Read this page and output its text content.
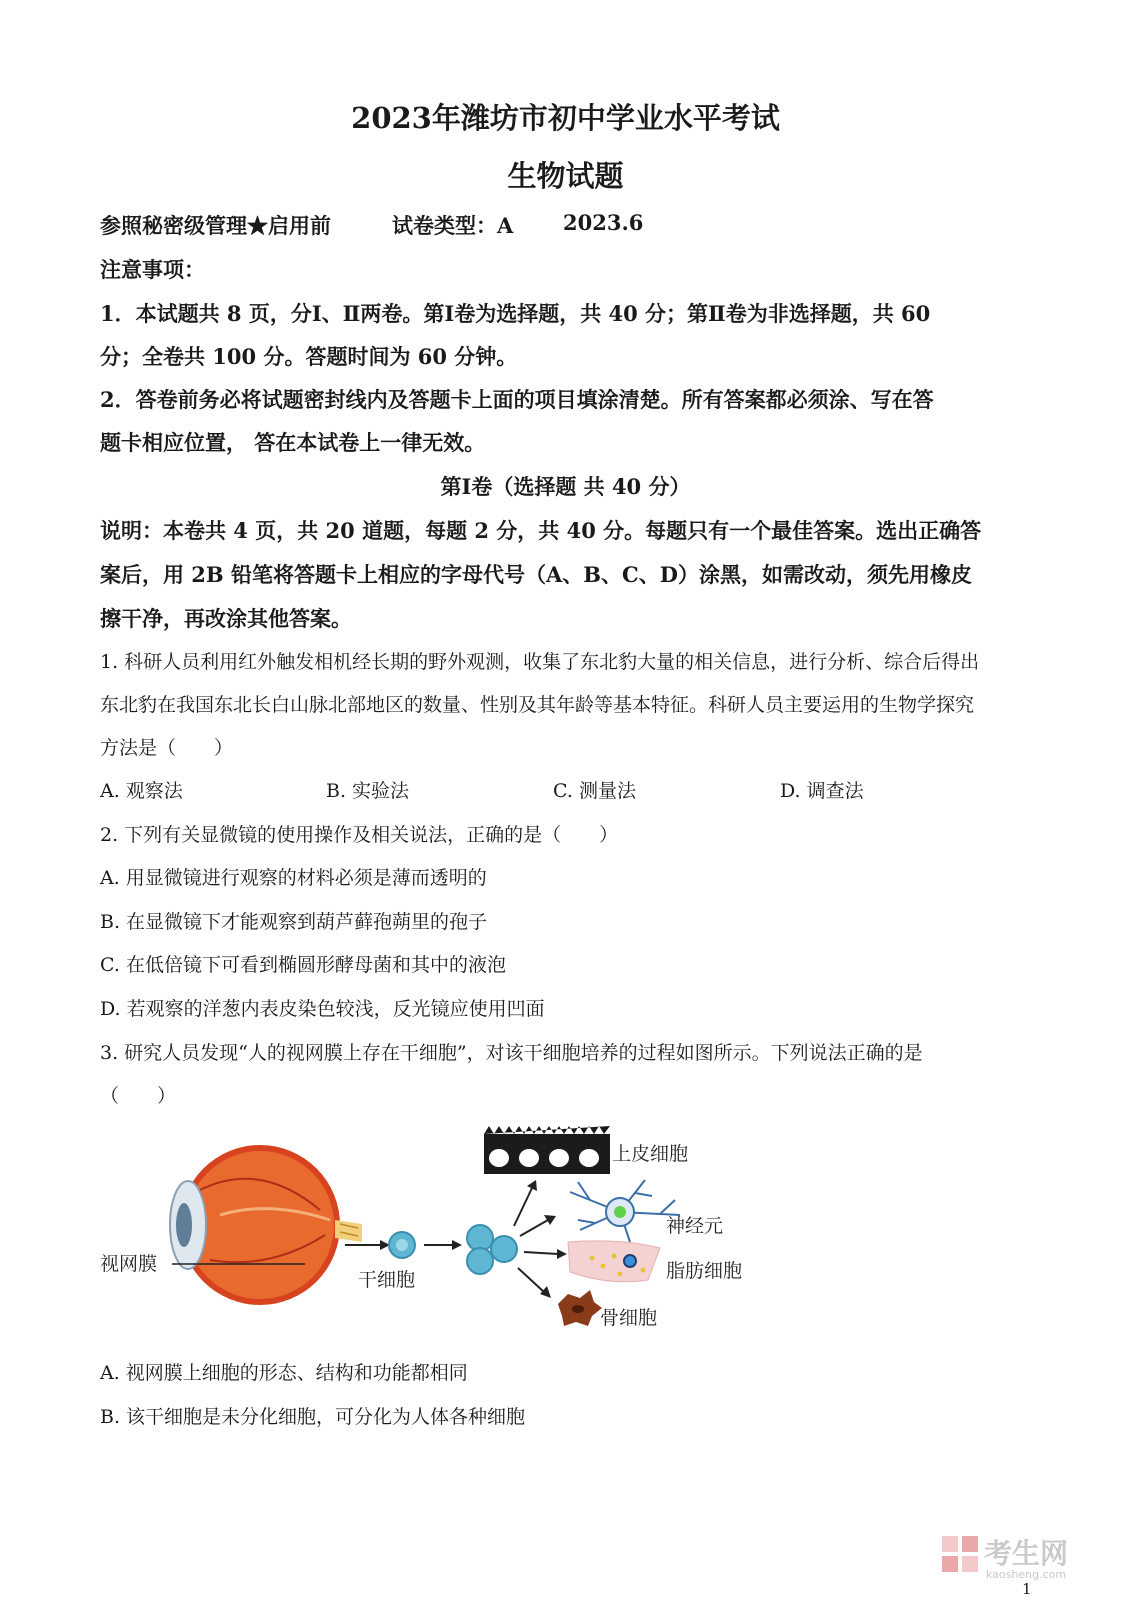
2023年潍坊市初中学业水平考试
生物试题
参照秘密级管理★启用前	试卷类型：A 2023.6
注意事项：
1．本试题共 8 页，分Ⅰ、Ⅱ两卷。第Ⅰ卷为选择题，共 40 分；第Ⅱ卷为非选择题，共 60
分；全卷共 100 分。答题时间为 60 分钟。
2．答卷前务必将试题密封线内及答题卡上面的项目填涂清楚。所有答案都必须涂、写在答
题卡相应位置， 答在本试卷上一律无效。
第Ⅰ卷（选择题 共 40 分）
说明：本卷共 4 页，共 20 道题，每题 2 分，共 40 分。每题只有一个最佳答案。选出正确答
案后，用 2B 铅笔将答题卡上相应的字母代号（A、B、C、D）涂黑，如需改动，须先用橡皮
擦干净，再改涂其他答案。
1. 科研人员利用红外触发相机经长期的野外观测，收集了东北豹大量的相关信息，进行分析、综合后得出
东北豹在我国东北长白山脉北部地区的数量、性别及其年龄等基本特征。科研人员主要运用的生物学探究
方法是（　　）
A. 观察法	B. 实验法	C. 测量法	D. 调查法
2. 下列有关显微镜的使用操作及相关说法，正确的是（　　）
A. 用显微镜进行观察的材料必须是薄而透明的
B. 在显微镜下才能观察到葫芦藓孢蒴里的孢子
C. 在低倍镜下可看到椭圆形酵母菌和其中的液泡
D. 若观察的洋葱内表皮染色较浅，反光镜应使用凹面
3. 研究人员发现“人的视网膜上存在干细胞”，对该干细胞培养的过程如图所示。下列说法正确的是
（　　）
视网膜
干细胞
上皮细胞
神经元
脂肪细胞
骨细胞
A. 视网膜上细胞的形态、结构和功能都相同
B. 该干细胞是未分化细胞，可分化为人体各种细胞
考生网
kaosheng.com
1
